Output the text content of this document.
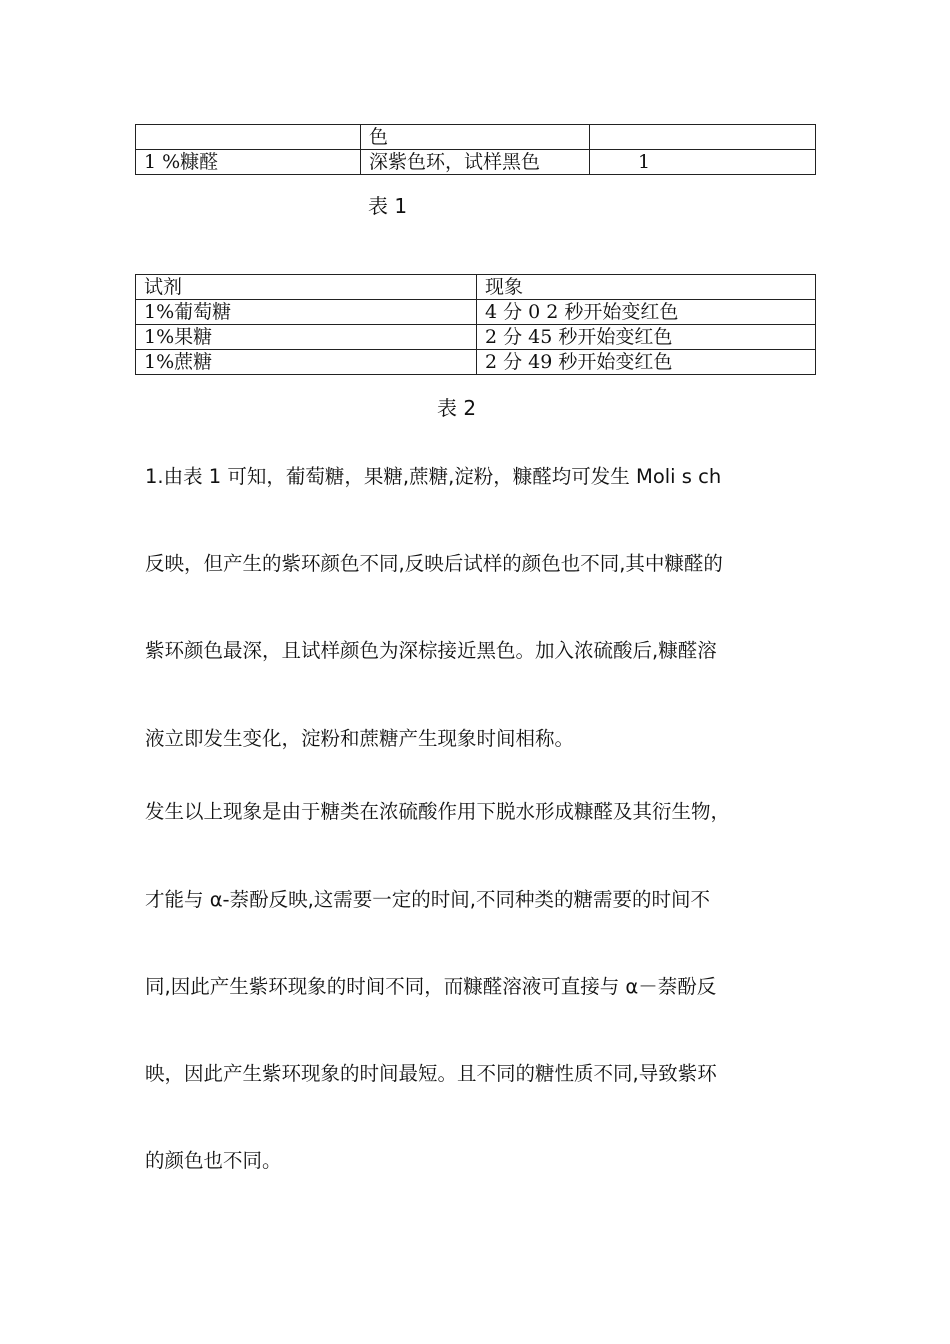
	色	
1 %糠醛	深紫色环，试样黑色	1
表 1
试剂	现象
1%葡萄糖	4 分 0 2 秒开始变红色
1%果糖	2 分 45 秒开始变红色
1%蔗糖	2 分 49 秒开始变红色
表 2
1.由表 1 可知，葡萄糖，果糖,蔗糖,淀粉，糠醛均可发生 Moli s ch
反映，但产生的紫环颜色不同,反映后试样的颜色也不同,其中糠醛的
紫环颜色最深，且试样颜色为深棕接近黑色。加入浓硫酸后,糠醛溶
液立即发生变化，淀粉和蔗糖产生现象时间相称。
发生以上现象是由于糖类在浓硫酸作用下脱水形成糠醛及其衍生物，
才能与 α-萘酚反映,这需要一定的时间,不同种类的糖需要的时间不
同,因此产生紫环现象的时间不同，而糠醛溶液可直接与 α－萘酚反
映，因此产生紫环现象的时间最短。且不同的糖性质不同,导致紫环
的颜色也不同。
